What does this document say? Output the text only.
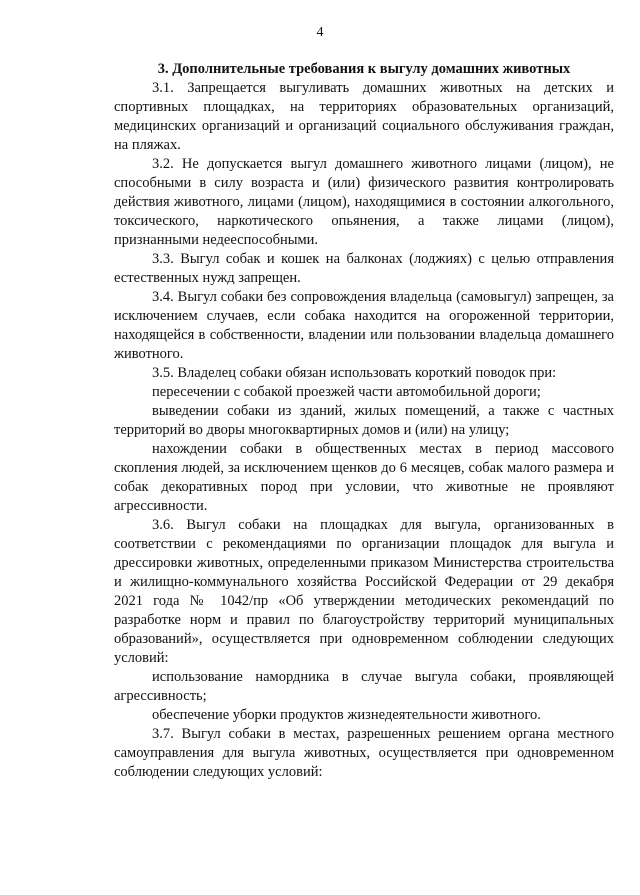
4
3. Дополнительные требования к выгулу домашних животных

3.1. Запрещается выгуливать домашних животных на детских и спортивных площадках, на территориях образовательных организаций, медицинских организаций и организаций социального обслуживания граждан, на пляжах.

3.2. Не допускается выгул домашнего животного лицами (лицом), не способными в силу возраста и (или) физического развития контролировать действия животного, лицами (лицом), находящимися в состоянии алкогольного, токсического, наркотического опьянения, а также лицами (лицом), признанными недееспособными.

3.3. Выгул собак и кошек на балконах (лоджиях) с целью отправления естественных нужд запрещен.

3.4. Выгул собаки без сопровождения владельца (самовыгул) запрещен, за исключением случаев, если собака находится на огороженной территории, находящейся в собственности, владении или пользовании владельца домашнего животного.

3.5. Владелец собаки обязан использовать короткий поводок при:

пересечении с собакой проезжей части автомобильной дороги;

выведении собаки из зданий, жилых помещений, а также с частных территорий во дворы многоквартирных домов и (или) на улицу;

нахождении собаки в общественных местах в период массового скопления людей, за исключением щенков до 6 месяцев, собак малого размера и собак декоративных пород при условии, что животные не проявляют агрессивности.

3.6. Выгул собаки на площадках для выгула, организованных в соответствии с рекомендациями по организации площадок для выгула и дрессировки животных, определенными приказом Министерства строительства и жилищно-коммунального хозяйства Российской Федерации от 29 декабря 2021 года № 1042/пр «Об утверждении методических рекомендаций по разработке норм и правил по благоустройству территорий муниципальных образований», осуществляется при одновременном соблюдении следующих условий:

использование намордника в случае выгула собаки, проявляющей агрессивность;

обеспечение уборки продуктов жизнедеятельности животного.

3.7. Выгул собаки в местах, разрешенных решением органа местного самоуправления для выгула животных, осуществляется при одновременном соблюдении следующих условий:
